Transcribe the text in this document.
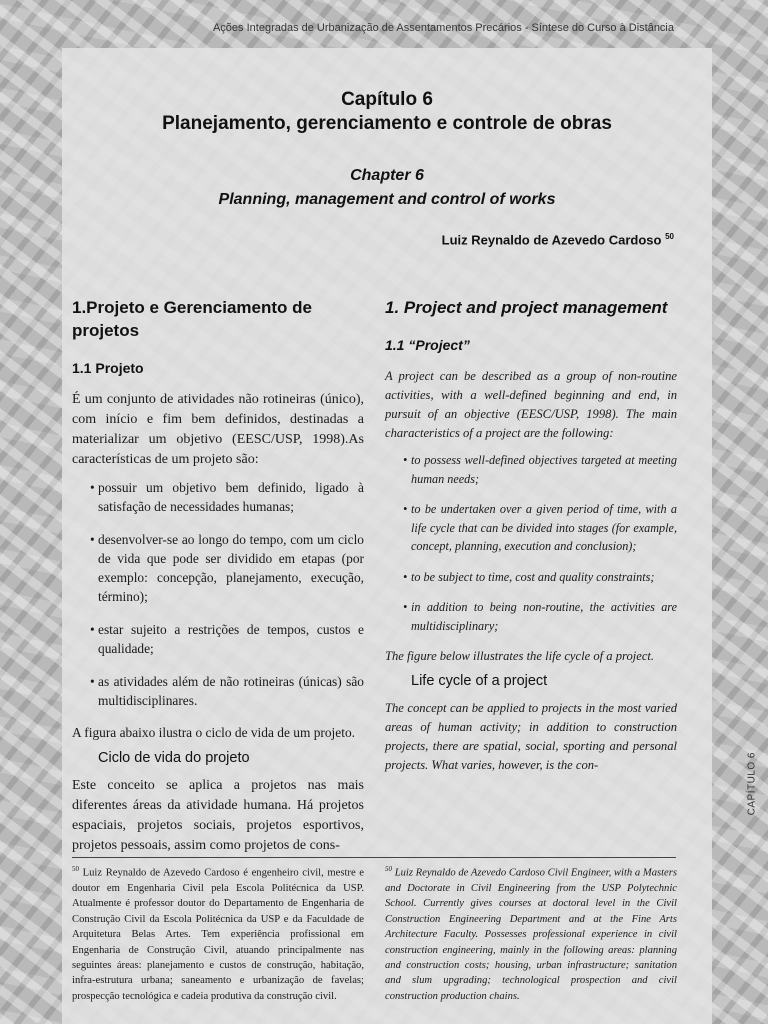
Ações Integradas de Urbanização de Assentamentos Precários - Síntese do Curso à Distância
Capítulo 6
Planejamento, gerenciamento e controle de obras
Chapter 6
Planning, management and control of works
Luiz Reynaldo de Azevedo Cardoso $^{50}$
1.Projeto e Gerenciamento de projetos
1.1 Projeto

É um conjunto de atividades não rotineiras (único), com início e fim bem definidos, destinadas a materializar um objetivo (EESC/USP, 1998).As características de um projeto são:

• possuir um objetivo bem definido, ligado à satisfação de necessidades humanas;
• desenvolver-se ao longo do tempo, com um ciclo de vida que pode ser dividido em etapas (por exemplo: concepção, planejamento, execução, término);
• estar sujeito a restrições de tempos, custos e qualidade;
• as atividades além de não rotineiras (únicas) são multidisciplinares.
A figura abaixo ilustra o ciclo de vida de um projeto.
Ciclo de vida do projeto

Este conceito se aplica a projetos nas mais diferentes áreas da atividade humana. Há projetos espaciais, projetos sociais, projetos esportivos, projetos pessoais, assim como projetos de cons-

1. Project and project management
1.1 “Project”

A project can be described as a group of non-routine activities, with a well-defined beginning and end, in pursuit of an objective (EESC/USP, 1998). The main characteristics of a project are the following:

• to possess well-defined objectives targeted at meeting human needs;
• to be undertaken over a given period of time, with a life cycle that can be divided into stages (for example, concept, planning, execution and conclusion);
• to be subject to time, cost and quality constraints;
• in addition to being non-routine, the activities are multidisciplinary;
The figure below illustrates the life cycle of a project.
Life cycle of a project

The concept can be applied to projects in the most varied areas of human activity; in addition to construction projects, there are spatial, social, sporting and personal projects. What varies, however, is the con-

$^{50}$ Luiz Reynaldo de Azevedo Cardoso é engenheiro civil, mestre e doutor em Engenharia Civil pela Escola Politécnica da USP. Atualmente é professor doutor do Departamento de Engenharia de Construção Civil da Escola Politécnica da USP e da Faculdade de Arquitetura Belas Artes. Tem experiência profissional em Engenharia de Construção Civil, atuando principalmente nas seguintes áreas: planejamento e custos de construção, habitação, infra-estrutura urbana; saneamento e urbanização de favelas; prospecção tecnológica e cadeia produtiva da construção civil.
$^{50}$ Luiz Reynaldo de Azevedo Cardoso Civil Engineer, with a Masters and Doctorate in Civil Engineering from the USP Polytechnic School. Currently gives courses at doctoral level in the Civil Construction Engineering Department and at the Fine Arts Architecture Faculty. Possesses professional experience in civil construction engineering, mainly in the following areas: planning and construction costs; housing, urban infrastructure; sanitation and slum upgrading; technological prospection and civil construction production chains.
CAPÍTULO 6
